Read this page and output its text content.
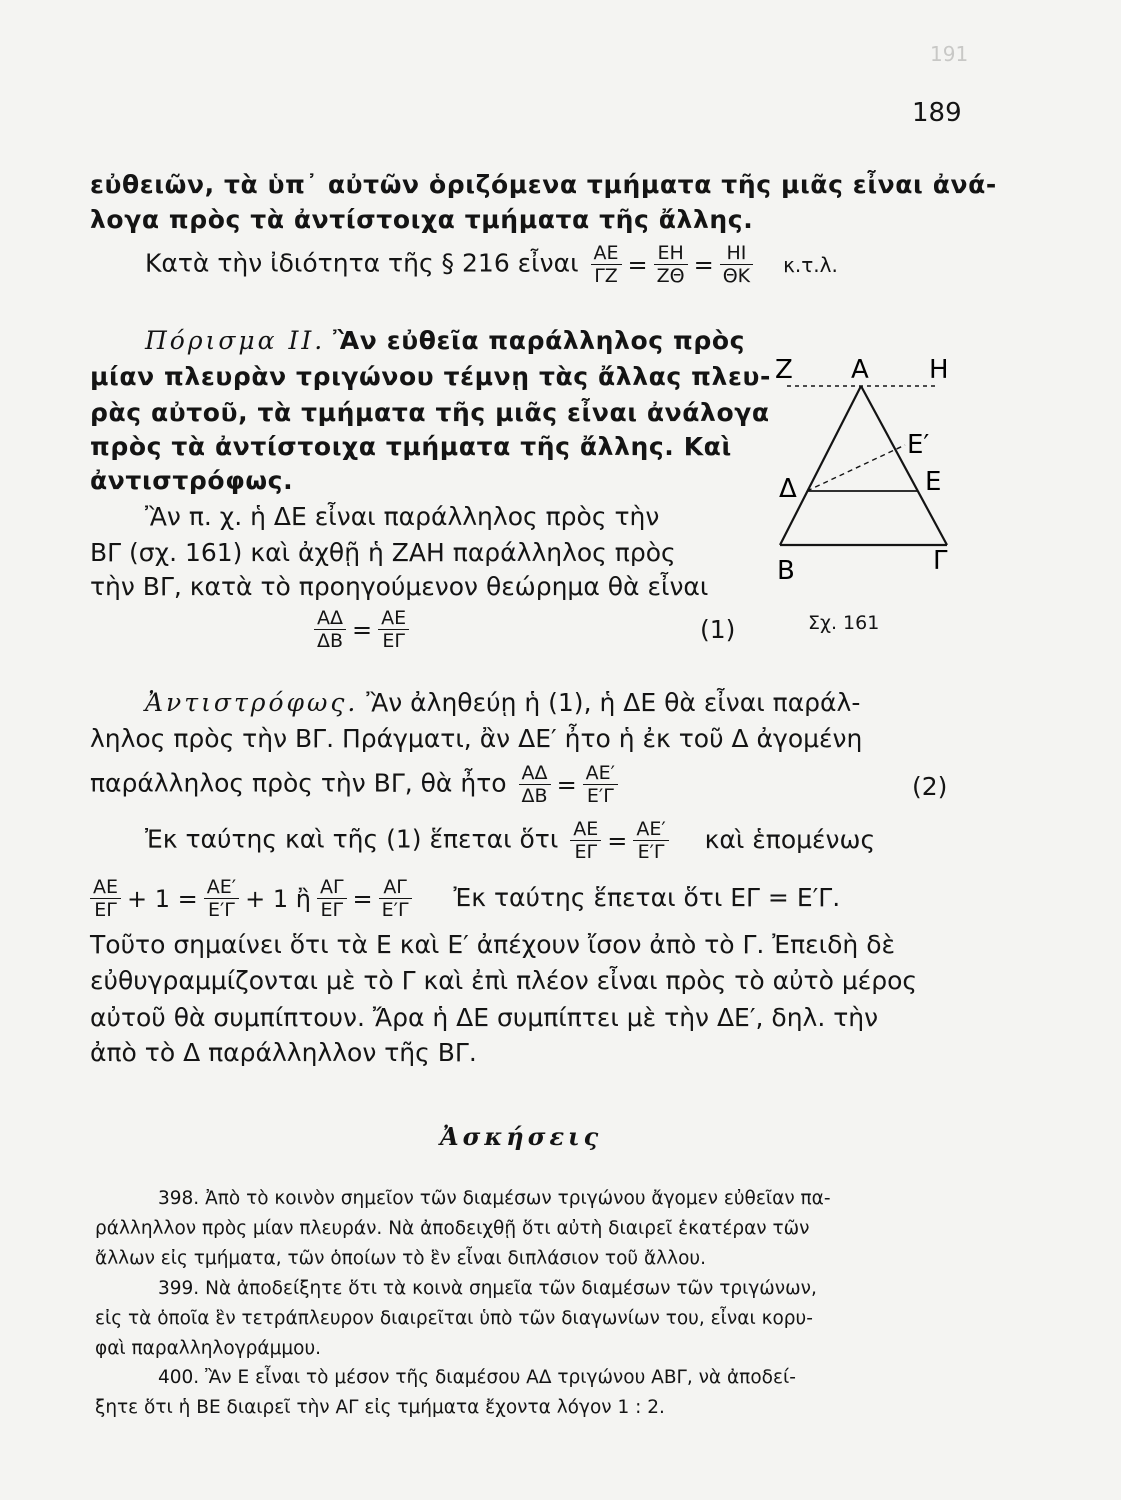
191
189
εὐθειῶν, τὰ ὑπ᾿ αὐτῶν ὁριζόμενα τμήματα τῆς μιᾶς εἶναι ἀνά-
λογα πρὸς τὰ ἀντίστοιχα τμήματα τῆς ἄλλης.
Κατὰ τὴν ἰδιότητα τῆς § 216 εἶναι $\frac{AE}{\Gamma Z} = \frac{EH}{Z\Theta} = \frac{HI}{\Theta K} \kappa.\tau.\lambda$.
Πόρισμα ΙΙ. Ἂν εὐθεῖα παράλληλος πρὸς
μίαν πλευρὰν τριγώνου τέμνῃ τὰς ἄλλας πλευ-
ρὰς αὐτοῦ, τὰ τμήματα τῆς μιᾶς εἶναι ἀνάλογα
πρὸς τὰ ἀντίστοιχα τμήματα τῆς ἄλλης. Καὶ
ἀντιστρόφως.
Ἂν π. χ. ἡ ΔΕ εἶναι παράλληλος πρὸς τὴν
ΒΓ (σχ. 161) καὶ ἀχθῇ ἡ ΖΑΗ παράλληλος πρὸς
τὴν ΒΓ, κατὰ τὸ προηγούμενον θεώρημα θὰ εἶναι
$\frac{A\Delta}{\Delta B} = \frac{AE}{E\Gamma}$	(1)
Ζ Α Η
Ε′
Δ	Ε
Β	Γ
Σχ. 161
Ἀντιστρόφως. Ἂν ἀληθεύῃ ἡ (1), ἡ ΔΕ θὰ εἶναι παράλ-
ληλος πρὸς τὴν ΒΓ. Πράγματι, ἂν ΔΕ′ ἦτο ἡ ἐκ τοῦ Δ ἀγομένη
παράλληλος πρὸς τὴν ΒΓ, θὰ ἦτο $\frac{A\Delta}{\Delta B} = \frac{AE'}{E'\Gamma}$	(2)
Ἐκ ταύτης καὶ τῆς (1) ἕπεται ὅτι $\frac{AE}{E\Gamma} = \frac{AE'}{E'\Gamma}$ καὶ ἑπομένως
$\frac{AE}{E\Gamma} + 1 = \frac{AE'}{E'\Gamma} + 1$ ἢ $\frac{A\Gamma}{E\Gamma} = \frac{A\Gamma}{E'\Gamma}$ Ἐκ ταύτης ἕπεται ὅτι ΕΓ = Ε′Γ.
Τοῦτο σημαίνει ὅτι τὰ Ε καὶ Ε′ ἀπέχουν ἴσον ἀπὸ τὸ Γ. Ἐπειδὴ δὲ
εὐθυγραμμίζονται μὲ τὸ Γ καὶ ἐπὶ πλέον εἶναι πρὸς τὸ αὐτὸ μέρος
αὐτοῦ θὰ συμπίπτουν. Ἄρα ἡ ΔΕ συμπίπτει μὲ τὴν ΔΕ′, δηλ. τὴν
ἀπὸ τὸ Δ παράλληλλον τῆς ΒΓ.
Ἀσκήσεις
398. Ἀπὸ τὸ κοινὸν σημεῖον τῶν διαμέσων τριγώνου ἄγομεν εὐθεῖαν πα-
ράλληλλον πρὸς μίαν πλευράν. Νὰ ἀποδειχθῇ ὅτι αὐτὴ διαιρεῖ ἑκατέραν τῶν
ἄλλων εἰς τμήματα, τῶν ὁποίων τὸ ἓν εἶναι διπλάσιον τοῦ ἄλλου.
399. Νὰ ἀποδείξητε ὅτι τὰ κοινὰ σημεῖα τῶν διαμέσων τῶν τριγώνων,
εἰς τὰ ὁποῖα ἓν τετράπλευρον διαιρεῖται ὑπὸ τῶν διαγωνίων του, εἶναι κορυ-
φαὶ παραλληλογράμμου.
400. Ἂν Ε εἶναι τὸ μέσον τῆς διαμέσου ΑΔ τριγώνου ΑΒΓ, νὰ ἀποδεί-
ξητε ὅτι ἡ ΒΕ διαιρεῖ τὴν ΑΓ εἰς τμήματα ἔχοντα λόγον 1 : 2.
